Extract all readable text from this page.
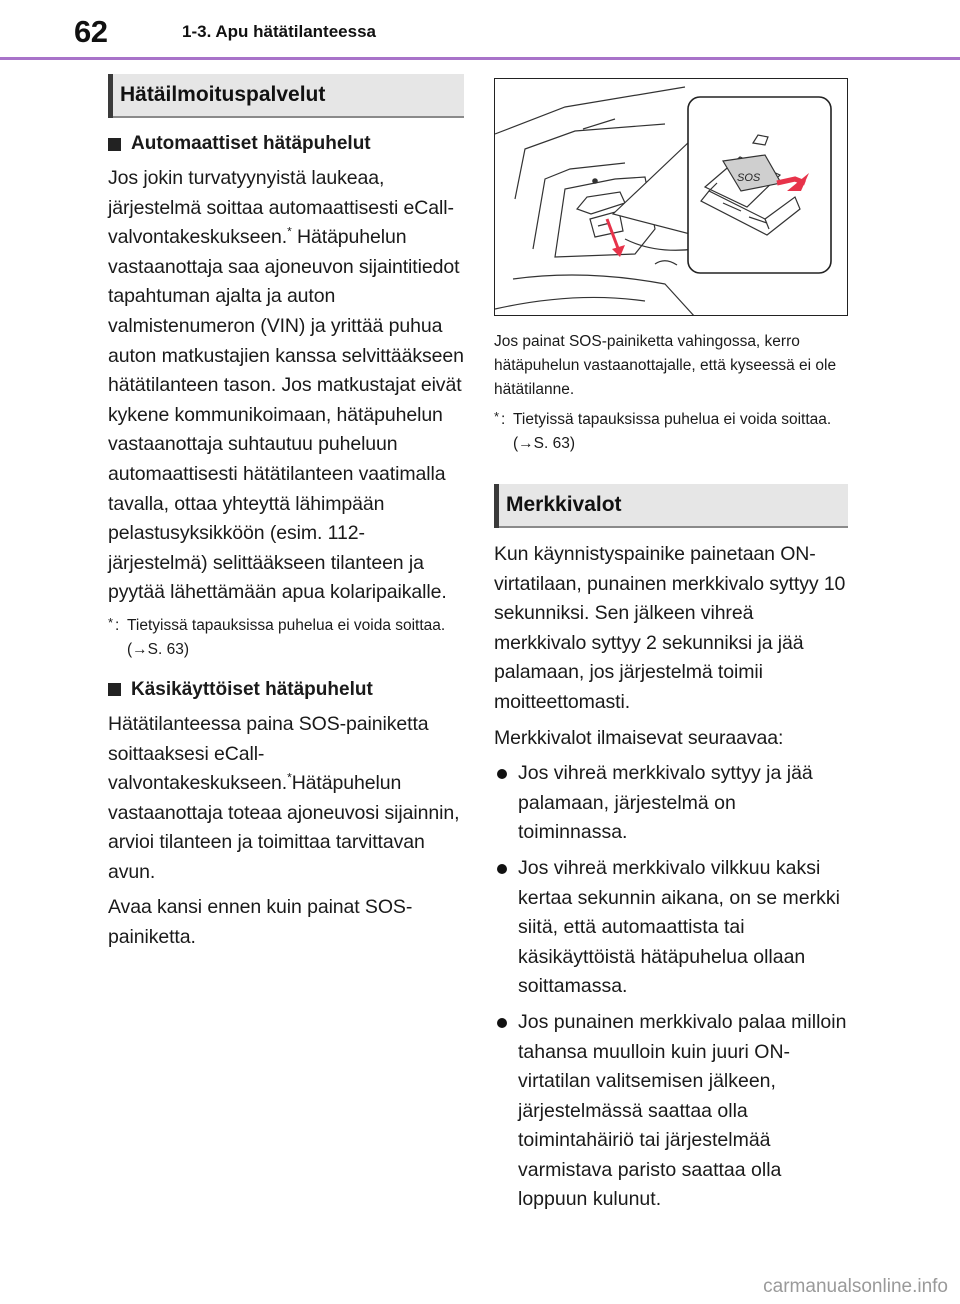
62	1-3. Apu hätätilanteessa
Hätäilmoituspalvelut
Automaattiset hätäpuhelut

Jos jokin turvatyynyistä laukeaa, järjestelmä soittaa automaattisesti eCall-valvontakeskukseen.* Hätäpuhelun vastaanottaja saa ajoneuvon sijaintitiedot tapahtuman ajalta ja auton valmistenumeron (VIN) ja yrittää puhua auton matkustajien kanssa selvittääkseen hätätilanteen tason. Jos matkustajat eivät kykene kommunikoimaan, hätäpuhelun vastaanottaja suhtautuu puheluun automaattisesti hätätilanteen vaatimalla tavalla, ottaa yhteyttä lähimpään pelastusyksikköön (esim. 112-järjestelmä) selittääkseen tilanteen ja pyytää lähettämään apua kolaripaikalle.

* : Tietyissä tapauksissa puhelua ei voida soittaa. (→S. 63)
Käsikäyttöiset hätäpuhelut

Hätätilanteessa paina SOS-painiketta soittaaksesi eCall-valvontakeskukseen.*Hätäpuhelun vastaanottaja toteaa ajoneuvosi sijainnin, arvioi tilanteen ja toimittaa tarvittavan avun.

Avaa kansi ennen kuin painat SOS-painiketta.

SOS

Jos painat SOS-painiketta vahingossa, kerro hätäpuhelun vastaanottajalle, että kyseessä ei ole hätätilanne.

* : Tietyissä tapauksissa puhelua ei voida soittaa. (→S. 63)
Merkkivalot

Kun käynnistyspainike painetaan ON-virtatilaan, punainen merkkivalo syttyy 10 sekunniksi. Sen jälkeen vihreä merkkivalo syttyy 2 sekunniksi ja jää palamaan, jos järjestelmä toimii moitteettomasti.

Merkkivalot ilmaisevat seuraavaa:

Jos vihreä merkkivalo syttyy ja jää palamaan, järjestelmä on toiminnassa.
Jos vihreä merkkivalo vilkkuu kaksi kertaa sekunnin aikana, on se merkki siitä, että automaattista tai käsikäyttöistä hätäpuhelua ollaan soittamassa.
Jos punainen merkkivalo palaa milloin tahansa muulloin kuin juuri ON-virtatilan valitsemisen jälkeen, järjestelmässä saattaa olla toimintahäiriö tai järjestelmää varmistava paristo saattaa olla loppuun kulunut.
carmanualsonline.info
